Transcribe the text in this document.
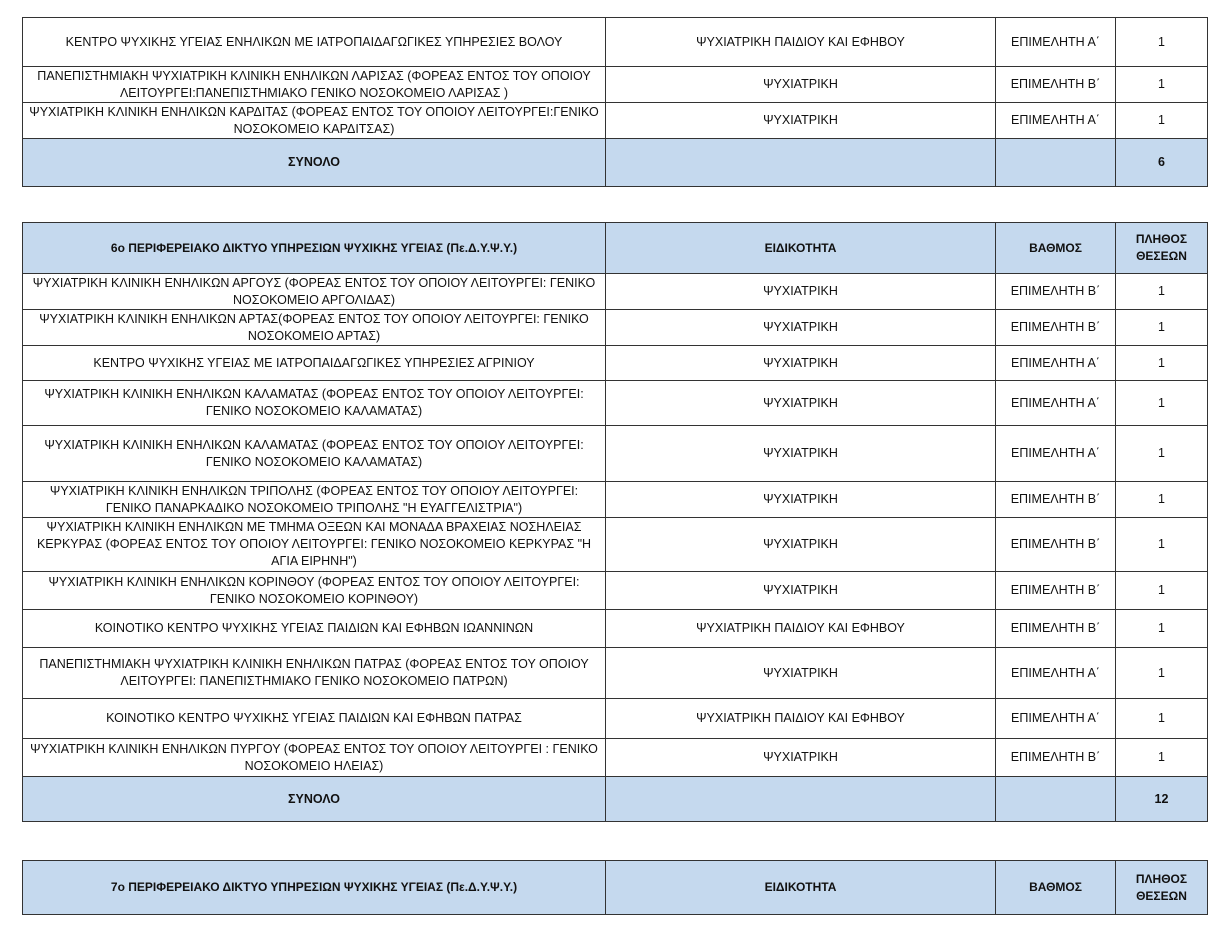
ΚΕΝΤΡΟ ΨΥΧΙΚΗΣ ΥΓΕΙΑΣ ΕΝΗΛΙΚΩΝ ΜΕ ΙΑΤΡΟΠΑΙΔΑΓΩΓΙΚΕΣ ΥΠΗΡΕΣΙΕΣ ΒΟΛΟΥ	ΨΥΧΙΑΤΡΙΚΗ ΠΑΙΔΙΟΥ ΚΑΙ ΕΦΗΒΟΥ	ΕΠΙΜΕΛΗΤΗ Α΄	1
ΠΑΝΕΠΙΣΤΗΜΙΑΚΗ ΨΥΧΙΑΤΡΙΚΗ ΚΛΙΝΙΚΗ ΕΝΗΛΙΚΩΝ ΛΑΡΙΣΑΣ (ΦΟΡΕΑΣ ΕΝΤΟΣ ΤΟΥ ΟΠΟΙΟΥ ΛΕΙΤΟΥΡΓΕΙ:ΠΑΝΕΠΙΣΤΗΜΙΑΚΟ ΓΕΝΙΚΟ ΝΟΣΟΚΟΜΕΙΟ ΛΑΡΙΣΑΣ )	ΨΥΧΙΑΤΡΙΚΗ	ΕΠΙΜΕΛΗΤΗ Β΄	1
ΨΥΧΙΑΤΡΙΚΗ ΚΛΙΝΙΚΗ ΕΝΗΛΙΚΩΝ ΚΑΡΔΙΤΑΣ (ΦΟΡΕΑΣ ΕΝΤΟΣ ΤΟΥ ΟΠΟΙΟΥ ΛΕΙΤΟΥΡΓΕΙ:ΓΕΝΙΚΟ ΝΟΣΟΚΟΜΕΙΟ ΚΑΡΔΙΤΣΑΣ)	ΨΥΧΙΑΤΡΙΚΗ	ΕΠΙΜΕΛΗΤΗ Α΄	1
ΣΥΝΟΛΟ			6
6ο ΠΕΡΙΦΕΡΕΙΑΚΟ ΔΙΚΤΥΟ ΥΠΗΡΕΣΙΩΝ ΨΥΧΙΚΗΣ ΥΓΕΙΑΣ (Πε.Δ.Υ.Ψ.Υ.)	ΕΙΔΙΚΟΤΗΤΑ	ΒΑΘΜΟΣ	ΠΛΗΘΟΣ
ΘΕΣΕΩΝ
ΨΥΧΙΑΤΡΙΚΗ ΚΛΙΝΙΚΗ ΕΝΗΛΙΚΩΝ ΑΡΓΟΥΣ (ΦΟΡΕΑΣ ΕΝΤΟΣ ΤΟΥ ΟΠΟΙΟΥ ΛΕΙΤΟΥΡΓΕΙ: ΓΕΝΙΚΟ ΝΟΣΟΚΟΜΕΙΟ ΑΡΓΟΛΙΔΑΣ)	ΨΥΧΙΑΤΡΙΚΗ	ΕΠΙΜΕΛΗΤΗ Β΄	1
ΨΥΧΙΑΤΡΙΚΗ ΚΛΙΝΙΚΗ ΕΝΗΛΙΚΩΝ ΑΡΤΑΣ(ΦΟΡΕΑΣ ΕΝΤΟΣ ΤΟΥ ΟΠΟΙΟΥ ΛΕΙΤΟΥΡΓΕΙ: ΓΕΝΙΚΟ ΝΟΣΟΚΟΜΕΙΟ ΑΡΤΑΣ)	ΨΥΧΙΑΤΡΙΚΗ	ΕΠΙΜΕΛΗΤΗ Β΄	1
ΚΕΝΤΡΟ ΨΥΧΙΚΗΣ ΥΓΕΙΑΣ ΜΕ ΙΑΤΡΟΠΑΙΔΑΓΩΓΙΚΕΣ ΥΠΗΡΕΣΙΕΣ ΑΓΡΙΝΙΟΥ	ΨΥΧΙΑΤΡΙΚΗ	ΕΠΙΜΕΛΗΤΗ Α΄	1
ΨΥΧΙΑΤΡΙΚΗ ΚΛΙΝΙΚΗ ΕΝΗΛΙΚΩΝ ΚΑΛΑΜΑΤΑΣ (ΦΟΡΕΑΣ ΕΝΤΟΣ ΤΟΥ ΟΠΟΙΟΥ ΛΕΙΤΟΥΡΓΕΙ: ΓΕΝΙΚΟ ΝΟΣΟΚΟΜΕΙΟ ΚΑΛΑΜΑΤΑΣ)	ΨΥΧΙΑΤΡΙΚΗ	ΕΠΙΜΕΛΗΤΗ Α΄	1
ΨΥΧΙΑΤΡΙΚΗ ΚΛΙΝΙΚΗ ΕΝΗΛΙΚΩΝ ΚΑΛΑΜΑΤΑΣ (ΦΟΡΕΑΣ ΕΝΤΟΣ ΤΟΥ ΟΠΟΙΟΥ ΛΕΙΤΟΥΡΓΕΙ: ΓΕΝΙΚΟ ΝΟΣΟΚΟΜΕΙΟ ΚΑΛΑΜΑΤΑΣ)	ΨΥΧΙΑΤΡΙΚΗ	ΕΠΙΜΕΛΗΤΗ Α΄	1
ΨΥΧΙΑΤΡΙΚΗ ΚΛΙΝΙΚΗ ΕΝΗΛΙΚΩΝ ΤΡΙΠΟΛΗΣ (ΦΟΡΕΑΣ ΕΝΤΟΣ ΤΟΥ ΟΠΟΙΟΥ ΛΕΙΤΟΥΡΓΕΙ: ΓΕΝΙΚΟ ΠΑΝΑΡΚΑΔΙΚΟ ΝΟΣΟΚΟΜΕΙΟ ΤΡΙΠΟΛΗΣ "Η ΕΥΑΓΓΕΛΙΣΤΡΙΑ")	ΨΥΧΙΑΤΡΙΚΗ	ΕΠΙΜΕΛΗΤΗ Β΄	1
ΨΥΧΙΑΤΡΙΚΗ ΚΛΙΝΙΚΗ ΕΝΗΛΙΚΩΝ ΜΕ ΤΜΗΜΑ ΟΞΕΩΝ ΚΑΙ ΜΟΝΑΔΑ ΒΡΑΧΕΙΑΣ ΝΟΣΗΛΕΙΑΣ ΚΕΡΚΥΡΑΣ (ΦΟΡΕΑΣ ΕΝΤΟΣ ΤΟΥ ΟΠΟΙΟΥ ΛΕΙΤΟΥΡΓΕΙ: ΓΕΝΙΚΟ ΝΟΣΟΚΟΜΕΙΟ ΚΕΡΚΥΡΑΣ "Η ΑΓΙΑ ΕΙΡΗΝΗ")	ΨΥΧΙΑΤΡΙΚΗ	ΕΠΙΜΕΛΗΤΗ Β΄	1
ΨΥΧΙΑΤΡΙΚΗ ΚΛΙΝΙΚΗ ΕΝΗΛΙΚΩΝ ΚΟΡΙΝΘΟΥ (ΦΟΡΕΑΣ ΕΝΤΟΣ ΤΟΥ ΟΠΟΙΟΥ ΛΕΙΤΟΥΡΓΕΙ: ΓΕΝΙΚΟ ΝΟΣΟΚΟΜΕΙΟ ΚΟΡΙΝΘΟΥ)	ΨΥΧΙΑΤΡΙΚΗ	ΕΠΙΜΕΛΗΤΗ Β΄	1
ΚΟΙΝΟΤΙΚΟ ΚΕΝΤΡΟ ΨΥΧΙΚΗΣ ΥΓΕΙΑΣ ΠΑΙΔΙΩΝ ΚΑΙ ΕΦΗΒΩΝ ΙΩΑΝΝΙΝΩΝ	ΨΥΧΙΑΤΡΙΚΗ ΠΑΙΔΙΟΥ ΚΑΙ ΕΦΗΒΟΥ	ΕΠΙΜΕΛΗΤΗ Β΄	1
ΠΑΝΕΠΙΣΤΗΜΙΑΚΗ ΨΥΧΙΑΤΡΙΚΗ ΚΛΙΝΙΚΗ ΕΝΗΛΙΚΩΝ ΠΑΤΡΑΣ (ΦΟΡΕΑΣ ΕΝΤΟΣ ΤΟΥ ΟΠΟΙΟΥ ΛΕΙΤΟΥΡΓΕΙ: ΠΑΝΕΠΙΣΤΗΜΙΑΚΟ ΓΕΝΙΚΟ ΝΟΣΟΚΟΜΕΙΟ ΠΑΤΡΩΝ)	ΨΥΧΙΑΤΡΙΚΗ	ΕΠΙΜΕΛΗΤΗ Α΄	1
ΚΟΙΝΟΤΙΚΟ ΚΕΝΤΡΟ ΨΥΧΙΚΗΣ ΥΓΕΙΑΣ ΠΑΙΔΙΩΝ ΚΑΙ ΕΦΗΒΩΝ ΠΑΤΡΑΣ	ΨΥΧΙΑΤΡΙΚΗ ΠΑΙΔΙΟΥ ΚΑΙ ΕΦΗΒΟΥ	ΕΠΙΜΕΛΗΤΗ Α΄	1
ΨΥΧΙΑΤΡΙΚΗ ΚΛΙΝΙΚΗ ΕΝΗΛΙΚΩΝ ΠΥΡΓΟΥ (ΦΟΡΕΑΣ ΕΝΤΟΣ ΤΟΥ ΟΠΟΙΟΥ ΛΕΙΤΟΥΡΓΕΙ : ΓΕΝΙΚΟ ΝΟΣΟΚΟΜΕΙΟ ΗΛΕΙΑΣ)	ΨΥΧΙΑΤΡΙΚΗ	ΕΠΙΜΕΛΗΤΗ Β΄	1
ΣΥΝΟΛΟ			12
7ο ΠΕΡΙΦΕΡΕΙΑΚΟ ΔΙΚΤΥΟ ΥΠΗΡΕΣΙΩΝ ΨΥΧΙΚΗΣ ΥΓΕΙΑΣ (Πε.Δ.Υ.Ψ.Υ.)	ΕΙΔΙΚΟΤΗΤΑ	ΒΑΘΜΟΣ	ΠΛΗΘΟΣ
ΘΕΣΕΩΝ
